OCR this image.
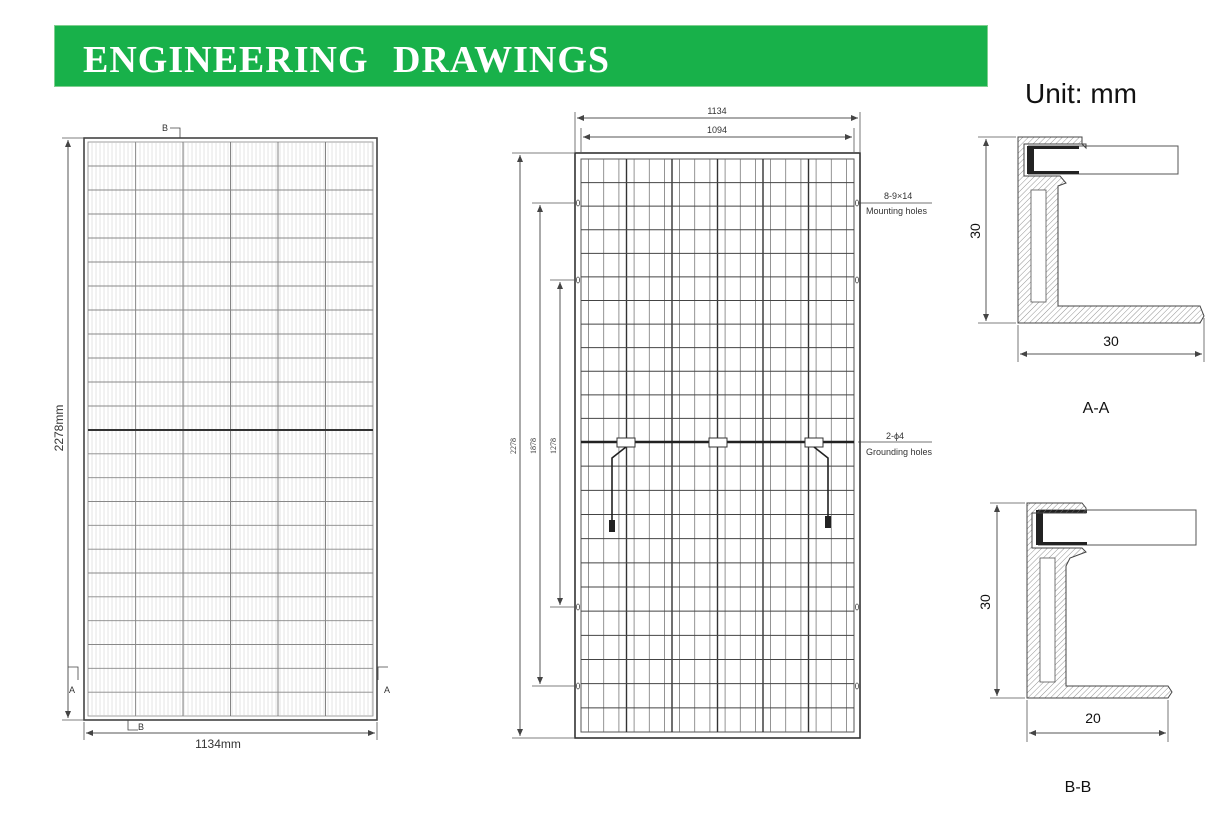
ENGINEERING DRAWINGS
Unit: mm
2278mm
1134mm
B
B
A	A
1134
1094
2278 1878 1278
8-9×14
Mounting holes
2-ϕ4
Grounding holes
30
30
A-A
30
20
B-B
